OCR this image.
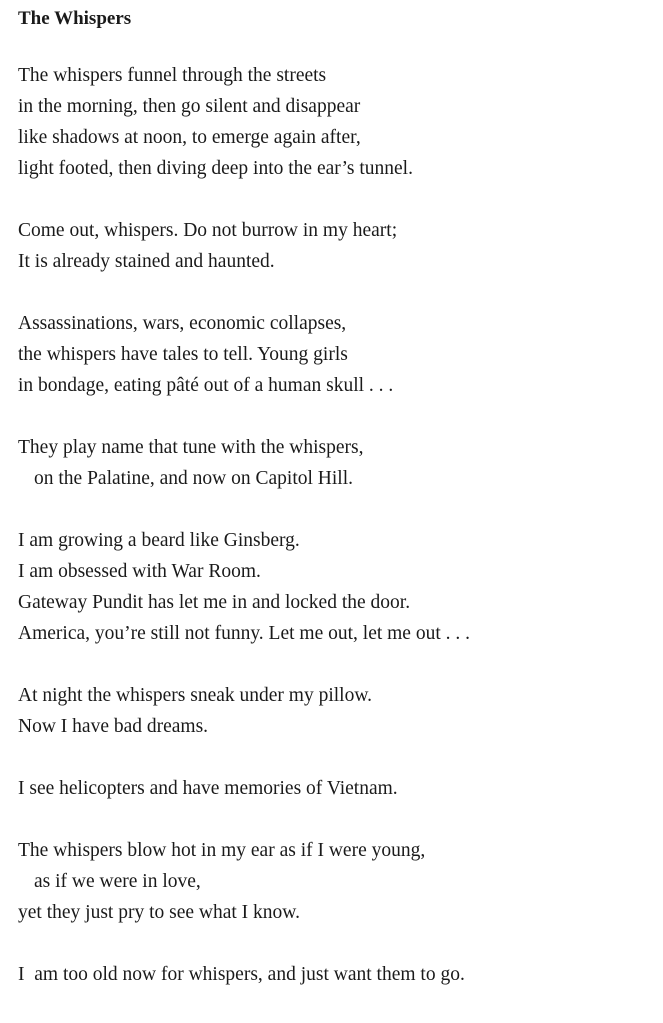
The Whispers
The whispers funnel through the streets
in the morning, then go silent and disappear
like shadows at noon, to emerge again after,
light footed, then diving deep into the ear’s tunnel.
Come out, whispers. Do not burrow in my heart;
It is already stained and haunted.
Assassinations, wars, economic collapses,
the whispers have tales to tell. Young girls
in bondage, eating pâté out of a human skull . . .
They play name that tune with the whispers,
on the Palatine, and now on Capitol Hill.
I am growing a beard like Ginsberg.
I am obsessed with War Room.
Gateway Pundit has let me in and locked the door.
America, you’re still not funny. Let me out, let me out . . .
At night the whispers sneak under my pillow.
Now I have bad dreams.
I see helicopters and have memories of Vietnam.
The whispers blow hot in my ear as if I were young,
as if we were in love,
yet they just pry to see what I know.
I  am too old now for whispers, and just want them to go.
